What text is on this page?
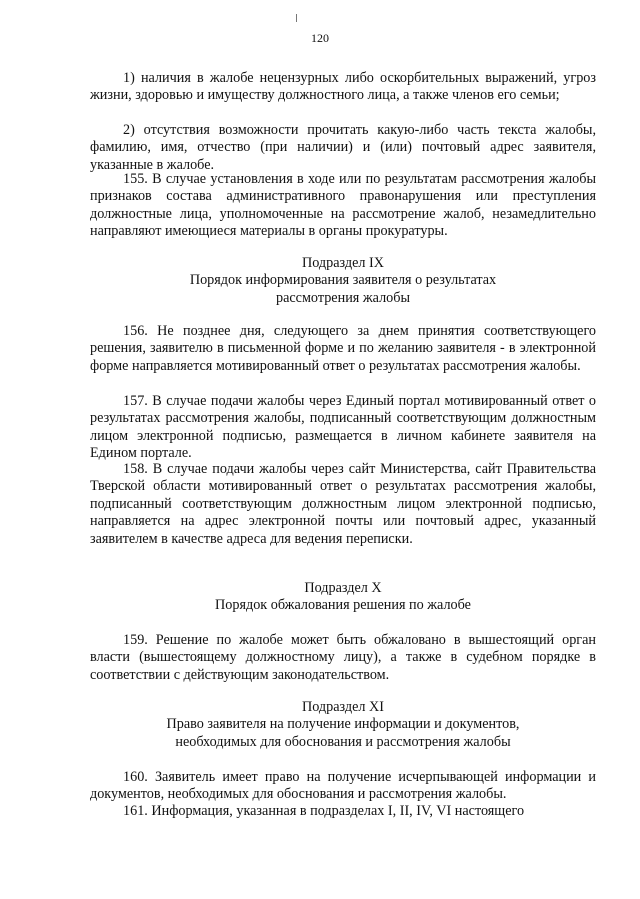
120
1) наличия в жалобе нецензурных либо оскорбительных выражений, угроз жизни, здоровью и имуществу должностного лица, а также членов его семьи;
2) отсутствия возможности прочитать какую-либо часть текста жалобы, фамилию, имя, отчество (при наличии) и (или) почтовый адрес заявителя, указанные в жалобе.
155. В случае установления в ходе или по результатам рассмотрения жалобы признаков состава административного правонарушения или преступления должностные лица, уполномоченные на рассмотрение жалоб, незамедлительно направляют имеющиеся материалы в органы прокуратуры.
Подраздел IX
Порядок информирования заявителя о результатах
рассмотрения жалобы
156. Не позднее дня, следующего за днем принятия соответствующего решения, заявителю в письменной форме и по желанию заявителя - в электронной форме направляется мотивированный ответ о результатах рассмотрения жалобы.
157. В случае подачи жалобы через Единый портал мотивированный ответ о результатах рассмотрения жалобы, подписанный соответствующим должностным лицом электронной подписью, размещается в личном кабинете заявителя на Едином портале.
158. В случае подачи жалобы через сайт Министерства, сайт Правительства Тверской области мотивированный ответ о результатах рассмотрения жалобы, подписанный соответствующим должностным лицом электронной подписью, направляется на адрес электронной почты или почтовый адрес, указанный заявителем в качестве адреса для ведения переписки.
Подраздел X
Порядок обжалования решения по жалобе
159. Решение по жалобе может быть обжаловано в вышестоящий орган власти (вышестоящему должностному лицу), а также в судебном порядке в соответствии с действующим законодательством.
Подраздел XI
Право заявителя на получение информации и документов,
необходимых для обоснования и рассмотрения жалобы
160. Заявитель имеет право на получение исчерпывающей информации и документов, необходимых для обоснования и рассмотрения жалобы.
161. Информация, указанная в подразделах I, II, IV, VI настоящего
